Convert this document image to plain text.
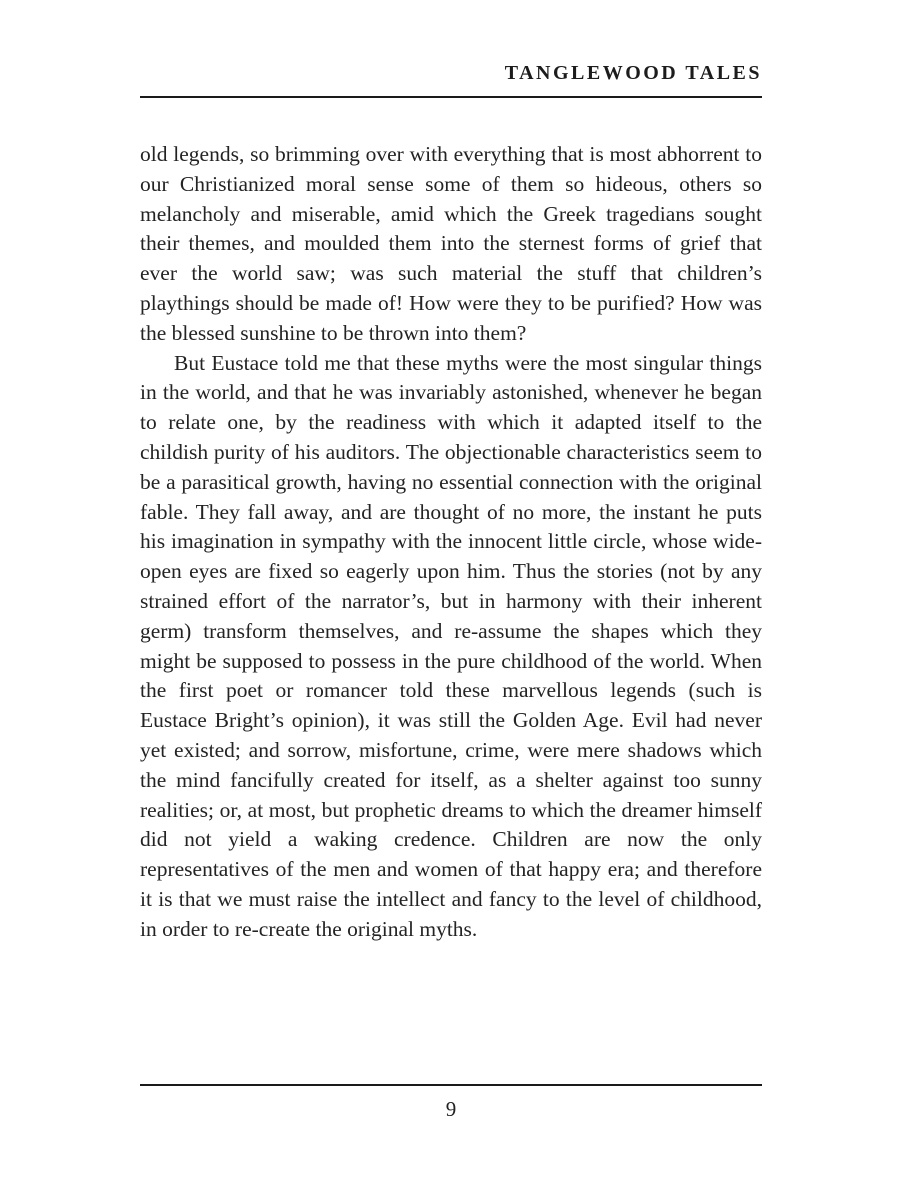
TANGLEWOOD TALES

old legends, so brimming over with everything that is most abhorrent to our Christianized moral sense some of them so hideous, others so melancholy and miserable, amid which the Greek tragedians sought their themes, and moulded them into the sternest forms of grief that ever the world saw; was such material the stuff that children’s playthings should be made of! How were they to be purified? How was the blessed sunshine to be thrown into them?

But Eustace told me that these myths were the most singular things in the world, and that he was invariably astonished, whenever he began to relate one, by the readiness with which it adapted itself to the childish purity of his auditors. The objectionable characteristics seem to be a parasitical growth, having no essential connection with the original fable. They fall away, and are thought of no more, the instant he puts his imagination in sympathy with the innocent little circle, whose wide-open eyes are fixed so eagerly upon him. Thus the stories (not by any strained effort of the narrator’s, but in harmony with their inherent germ) transform themselves, and re-assume the shapes which they might be supposed to possess in the pure childhood of the world. When the first poet or romancer told these marvellous legends (such is Eustace Bright’s opinion), it was still the Golden Age. Evil had never yet existed; and sorrow, misfortune, crime, were mere shadows which the mind fancifully created for itself, as a shelter against too sunny realities; or, at most, but prophetic dreams to which the dreamer himself did not yield a waking credence. Children are now the only representatives of the men and women of that happy era; and therefore it is that we must raise the intellect and fancy to the level of childhood, in order to re-create the original myths.

9
